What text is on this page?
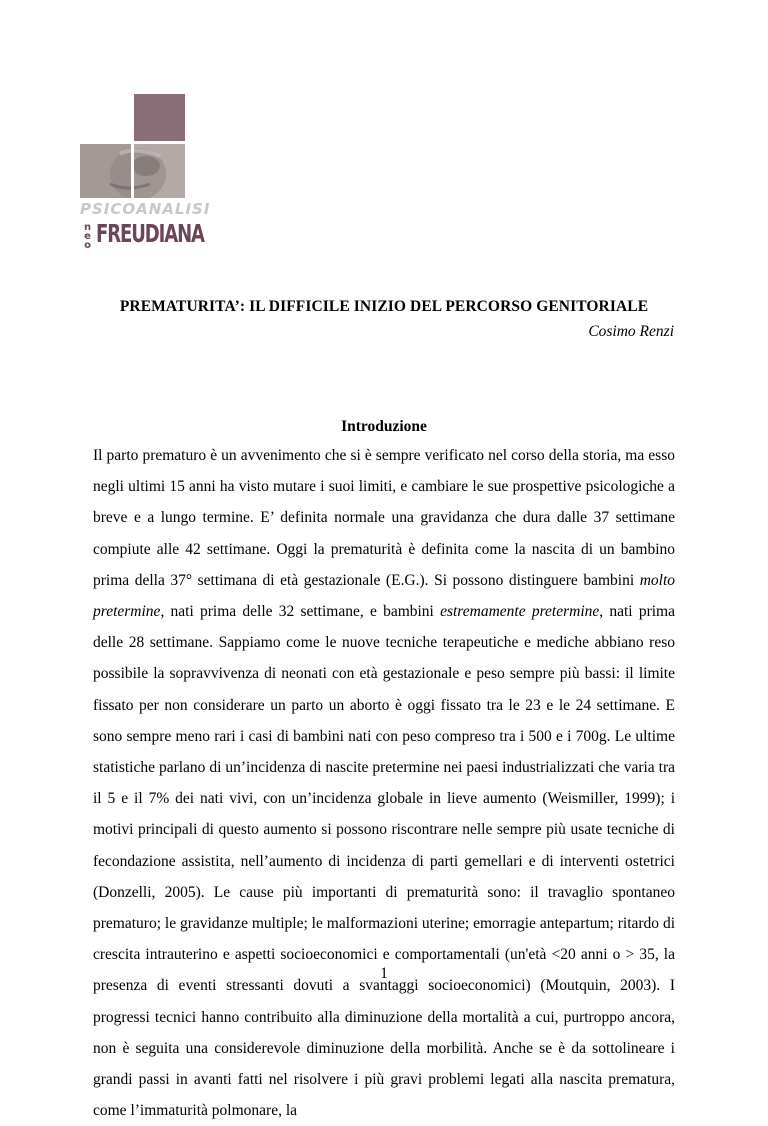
PSICOANALISI
neo FREUDIANA
PREMATURITA’: IL DIFFICILE INIZIO DEL PERCORSO GENITORIALE
Cosimo Renzi
Introduzione

Il parto prematuro è un avvenimento che si è sempre verificato nel corso della storia, ma esso negli ultimi 15 anni ha visto mutare i suoi limiti, e cambiare le sue prospettive psicologiche a breve e a lungo termine. E’ definita normale una gravidanza che dura dalle 37 settimane compiute alle 42 settimane. Oggi la prematurità è definita come la nascita di un bambino prima della 37° settimana di età gestazionale (E.G.). Si possono distinguere bambini molto pretermine, nati prima delle 32 settimane, e bambini estremamente pretermine, nati prima delle 28 settimane. Sappiamo come le nuove tecniche terapeutiche e mediche abbiano reso possibile la sopravvivenza di neonati con età gestazionale e peso sempre più bassi: il limite fissato per non considerare un parto un aborto è oggi fissato tra le 23 e le 24 settimane. E sono sempre meno rari i casi di bambini nati con peso compreso tra i 500 e i 700g. Le ultime statistiche parlano di un’incidenza di nascite pretermine nei paesi industrializzati che varia tra il 5 e il 7% dei nati vivi, con un’incidenza globale in lieve aumento (Weismiller, 1999); i motivi principali di questo aumento si possono riscontrare nelle sempre più usate tecniche di fecondazione assistita, nell’aumento di incidenza di parti gemellari e di interventi ostetrici (Donzelli, 2005). Le cause più importanti di prematurità sono: il travaglio spontaneo prematuro; le gravidanze multiple; le malformazioni uterine; emorragie antepartum; ritardo di crescita intrauterino e aspetti socioeconomici e comportamentali (un'età <20 anni o > 35, la presenza di eventi stressanti dovuti a svantaggi socioeconomici) (Moutquin, 2003). I progressi tecnici hanno contribuito alla diminuzione della mortalità a cui, purtroppo ancora, non è seguita una considerevole diminuzione della morbilità. Anche se è da sottolineare i grandi passi in avanti fatti nel risolvere i più gravi problemi legati alla nascita prematura, come l’immaturità polmonare, la

1
